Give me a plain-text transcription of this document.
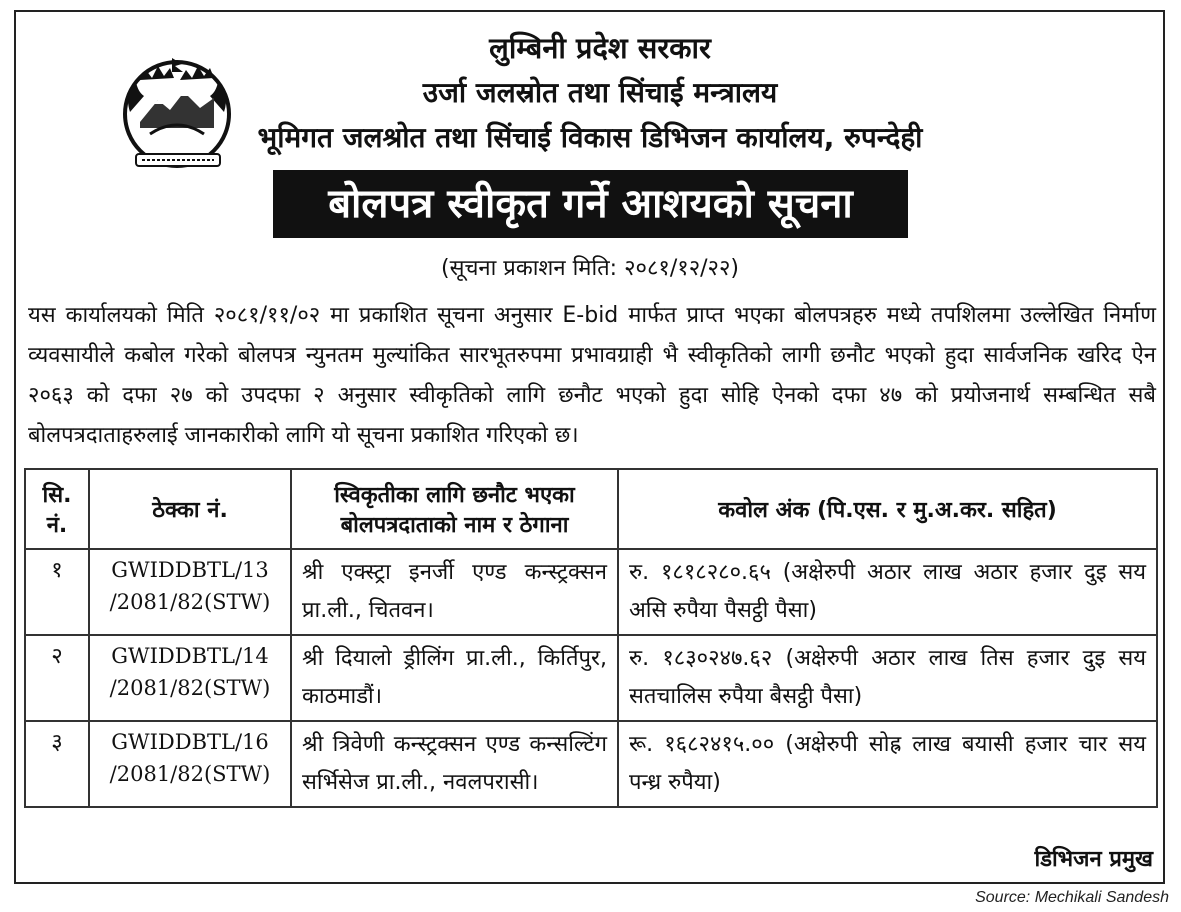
लुम्बिनी प्रदेश सरकार
उर्जा जलस्रोत तथा सिंचाई मन्त्रालय
भूमिगत जलश्रोत तथा सिंचाई विकास डिभिजन कार्यालय, रुपन्देही
बोलपत्र स्वीकृत गर्ने आशयको सूचना
(सूचना प्रकाशन मिति: २०८१/१२/२२)
यस कार्यालयको मिति २०८१/११/०२ मा प्रकाशित सूचना अनुसार E-bid मार्फत प्राप्त भएका बोलपत्रहरु मध्ये तपशिलमा उल्लेखित निर्माण व्यवसायीले कबोल गरेको बोलपत्र न्युनतम मुल्यांकित सारभूतरुपमा प्रभावग्राही भै स्वीकृतिको लागी छनौट भएको हुदा सार्वजनिक खरिद ऐन २०६३ को दफा २७ को उपदफा २ अनुसार स्वीकृतिको लागि छनौट भएको हुदा सोहि ऐनको दफा ४७ को प्रयोजनार्थ सम्बन्धित सबै बोलपत्रदाताहरुलाई जानकारीको लागि यो सूचना प्रकाशित गरिएको छ।
सि. नं.	ठेक्का नं.	स्विकृतीका लागि छनौट भएका बोलपत्रदाताको नाम र ठेगाना	कवोल अंक (पि.एस. र मु.अ.कर. सहित)
१	GWIDDBTL/13 /2081/82(STW)	श्री एक्स्ट्रा इनर्जी एण्ड कन्स्ट्रक्सन प्रा.ली., चितवन।	रु. १८१८२८०.६५ (अक्षेरुपी अठार लाख अठार हजार दुइ सय असि रुपैया पैसट्ठी पैसा)
२	GWIDDBTL/14 /2081/82(STW)	श्री दियालो ड्रीलिंग प्रा.ली., किर्तिपुर, काठमाडौं।	रु. १८३०२४७.६२ (अक्षेरुपी अठार लाख तिस हजार दुइ सय सतचालिस रुपैया बैसट्ठी पैसा)
३	GWIDDBTL/16 /2081/82(STW)	श्री त्रिवेणी कन्स्ट्रक्सन एण्ड कन्सल्टिंग सर्भिसेज प्रा.ली., नवलपरासी।	रू. १६८२४१५.०० (अक्षेरुपी सोह्र लाख बयासी हजार चार सय पन्ध्र रुपैया)
डिभिजन प्रमुख
Source: Mechikali Sandesh
